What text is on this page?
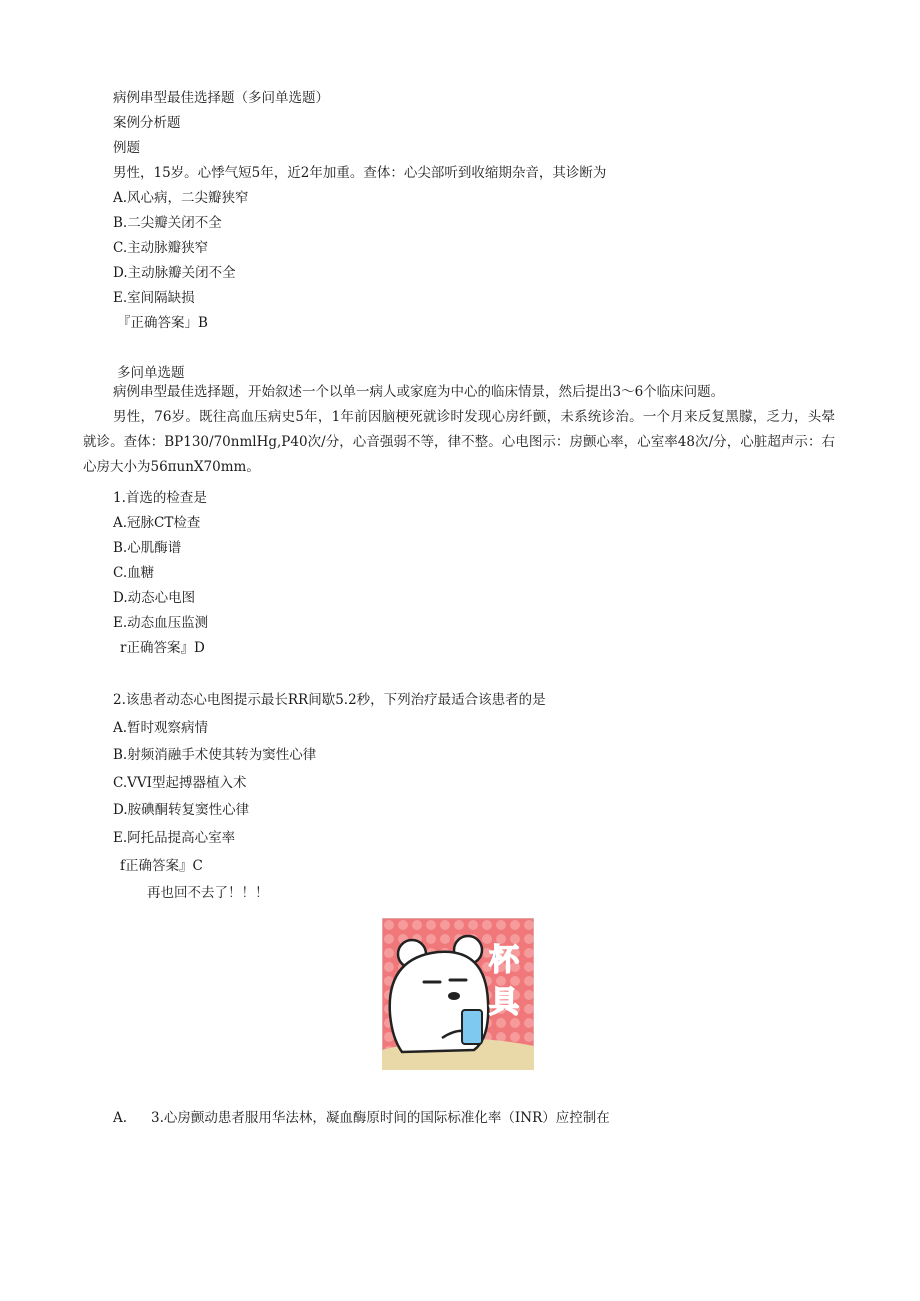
病例串型最佳选择题（多问单选题）

案例分析题

例题

男性，15岁。心悸气短5年，近2年加重。查体：心尖部听到收缩期杂音，其诊断为

A.风心病，二尖瓣狭窄

B.二尖瓣关闭不全

C.主动脉瓣狭窄

D.主动脉瓣关闭不全

E.室间隔缺损

『正确答案」B

多问单选题

病例串型最佳选择题，开始叙述一个以单一病人或家庭为中心的临床情景，然后提出3～6个临床问题。

男性，76岁。既往高血压病史5年，1年前因脑梗死就诊时发现心房纤颤，未系统诊治。一个月来反复黑朦，乏力，头晕就诊。查体：BP130/70nmlHg,P40次/分，心音强弱不等，律不整。心电图示：房颤心率，心室率48次/分，心脏超声示：右心房大小为56πunX70mm。

1.首选的检查是

A.冠脉CT检查

B.心肌酶谱

C.血糖

D.动态心电图

E.动态血压监测

r正确答案』D

2.该患者动态心电图提示最长RR间歇5.2秒，下列治疗最适合该患者的是

A.暂时观察病情

B.射频消融手术使其转为窦性心律

C.VVI型起搏器植入术

D.胺碘酮转复窦性心律

E.阿托品提高心室率

f正确答案』C

再也回不去了！！！

杯
具

A. 3.心房颤动患者服用华法林，凝血酶原时间的国际标准化率（INR）应控制在
